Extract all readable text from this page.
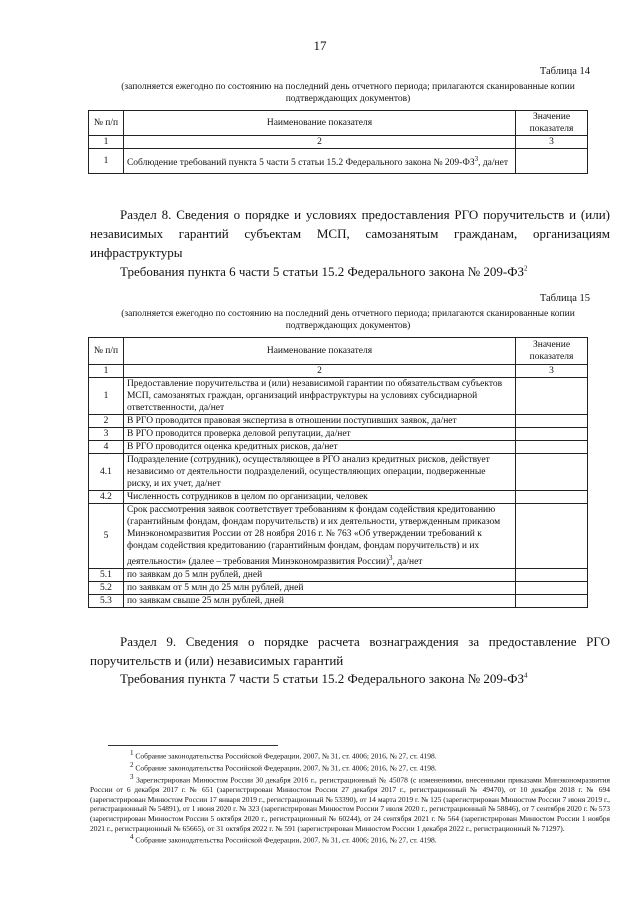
17
Таблица 14
(заполняется ежегодно по состоянию на последний день отчетного периода; прилагаются сканированные копии подтверждающих документов)
№ п/п	Наименование показателя	Значение показателя
1	2	3
1	Соблюдение требований пункта 5 части 5 статьи 15.2 Федерального закона № $209-ФЗ^3$, да/нет	
Раздел 8. Сведения о порядке и условиях предоставления РГО поручительств и (или) независимых гарантий субъектам МСП, самозанятым гражданам, организациям инфраструктуры
Требования пункта 6 части 5 статьи 15.2 Федерального закона № $209-ФЗ^2$
Таблица 15
(заполняется ежегодно по состоянию на последний день отчетного периода; прилагаются сканированные копии подтверждающих документов)
№ п/п	Наименование показателя	Значение показателя
1	2	3
1	Предоставление поручительства и (или) независимой гарантии по обязательствам субъектов МСП, самозанятых граждан, организаций инфраструктуры на условиях субсидиарной ответственности, да/нет	
2	В РГО проводится правовая экспертиза в отношении поступивших заявок, да/нет	
3	В РГО проводится проверка деловой репутации, да/нет	
4	В РГО проводится оценка кредитных рисков, да/нет	
4.1	Подразделение (сотрудник), осуществляющее в РГО анализ кредитных рисков, действует независимо от деятельности подразделений, осуществляющих операции, подверженные риску, и их учет, да/нет	
4.2	Численность сотрудников в целом по организации, человек	
5	Срок рассмотрения заявок соответствует требованиям к фондам содействия кредитованию (гарантийным фондам, фондам поручительств) и их деятельности, утвержденным приказом Минэкономразвития России от 28 ноября 2016 г. № 763 «Об утверждении требований к фондам содействия кредитованию (гарантийным фондам, фондам поручительств) и их деятельности» (далее – требования Минэкономразвития России)$^3$, да/нет	
5.1	по заявкам до 5 млн рублей, дней	
5.2	по заявкам от 5 млн до 25 млн рублей, дней	
5.3	по заявкам свыше 25 млн рублей, дней	
Раздел 9. Сведения о порядке расчета вознаграждения за предоставление РГО поручительств и (или) независимых гарантий
Требования пункта 7 части 5 статьи 15.2 Федерального закона № $209-ФЗ^4$

$^1$ Собрание законодательства Российской Федерации, 2007, № 31, ст. 4006; 2016, № 27, ст. 4198.

$^2$ Собрание законодательства Российской Федерации, 2007, № 31, ст. 4006; 2016, № 27, ст. 4198.

$^3$ Зарегистрирован Минюстом России 30 декабря 2016 г., регистрационный № 45078 (с изменениями, внесенными приказами Минэкономразвития России от 6 декабря 2017 г. № 651 (зарегистрирован Минюстом России 27 декабря 2017 г., регистрационный № 49470), от 10 декабря 2018 г. № 694 (зарегистрирован Минюстом России 17 января 2019 г., регистрационный № 53390), от 14 марта 2019 г. № 125 (зарегистрирован Минюстом России 7 июня 2019 г., регистрационный № 54891), от 1 июня 2020 г. № 323 (зарегистрирован Минюстом России 7 июля 2020 г., регистрационный № 58846), от 7 сентября 2020 г. № 573 (зарегистрирован Минюстом России 5 октября 2020 г., регистрационный № 60244), от 24 сентября 2021 г. № 564 (зарегистрирован Минюстом России 1 ноября 2021 г., регистрационный № 65665), от 31 октября 2022 г. № 591 (зарегистрирован Минюстом России 1 декабря 2022 г., регистрационный № 71297).

$^4$ Собрание законодательства Российской Федерации, 2007, № 31, ст. 4006; 2016, № 27, ст. 4198.
